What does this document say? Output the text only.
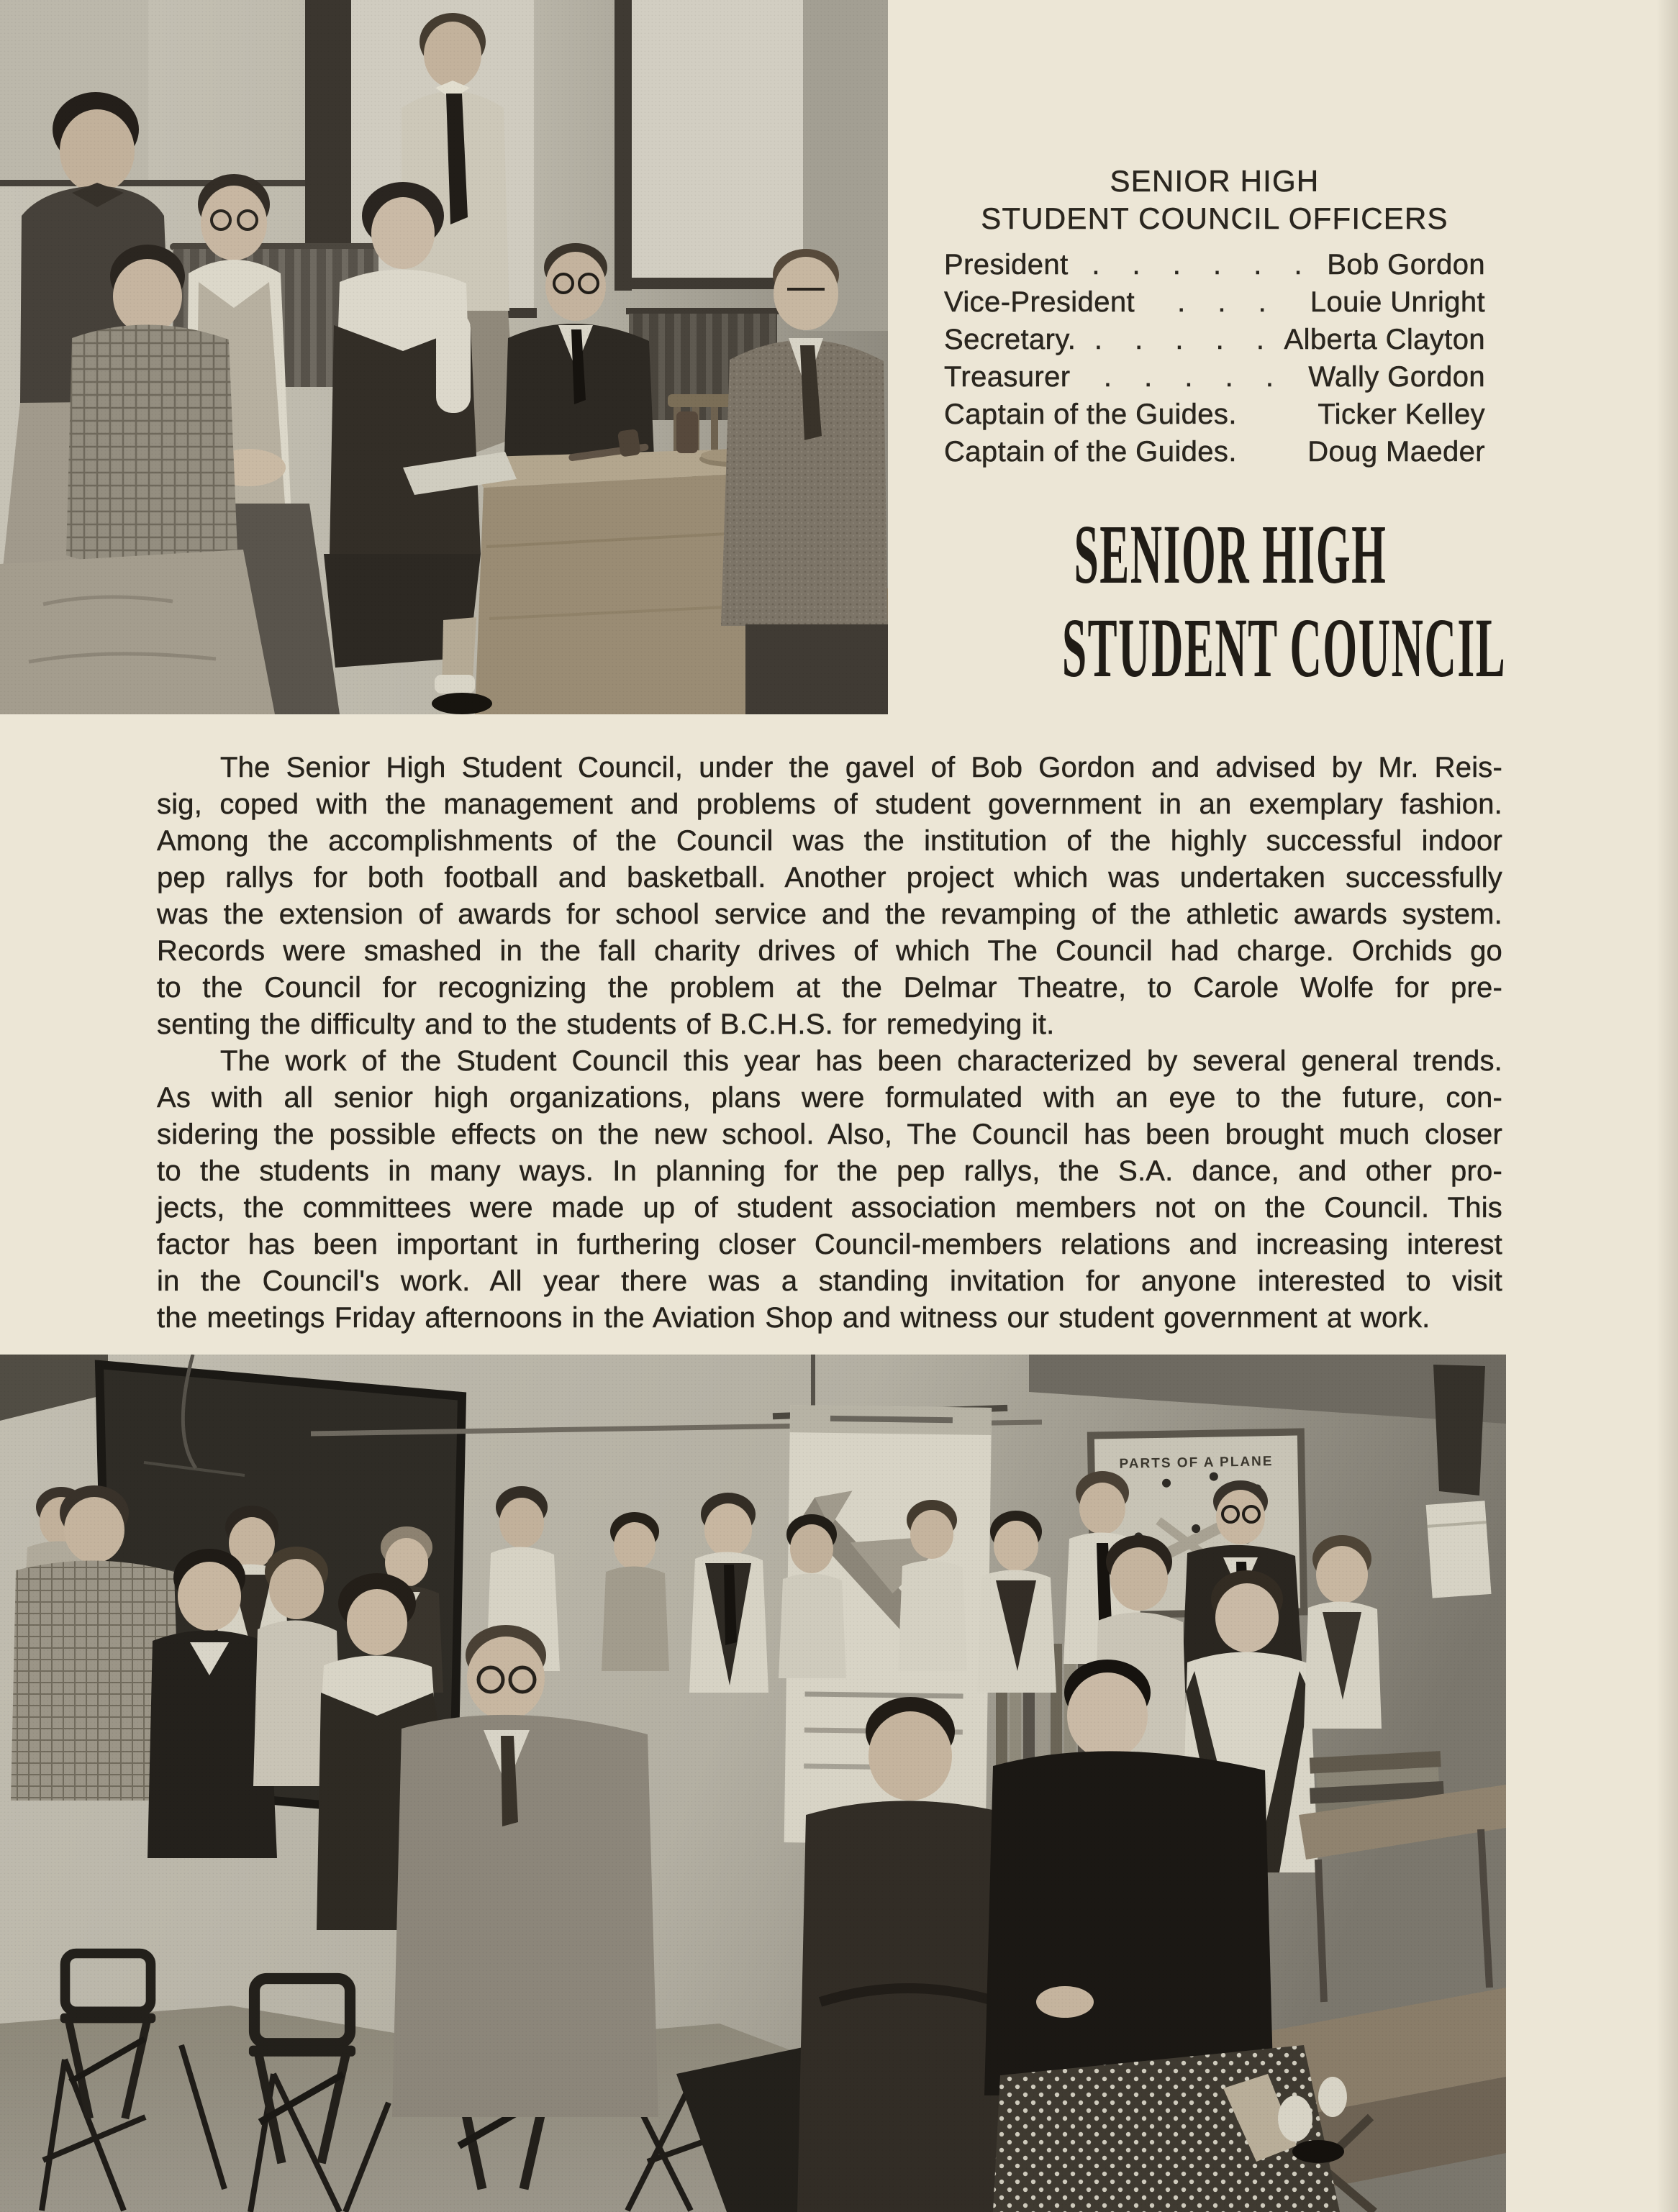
SENIOR HIGH
STUDENT COUNCIL OFFICERS
President . . . . . . Bob Gordon
Vice-President	. . .	Louie Unright
Secretary. . . . . . Alberta Clayton
Treasurer	. . . . .	Wally Gordon
Captain of the Guides.	Ticker Kelley
Captain of the Guides. Doug Maeder
SENIOR HIGH
STUDENT COUNCIL
The Senior High Student Council, under the gavel of Bob Gordon and advised by Mr. Reis-
sig, coped with the management and problems of student government in an exemplary fashion.
Among the accomplishments of the Council was the institution of the highly successful indoor
pep rallys for both football and basketball. Another project which was undertaken successfully
was the extension of awards for school service and the revamping of the athletic awards system.
Records were smashed in the fall charity drives of which The Council had charge. Orchids go
to the Council for recognizing the problem at the Delmar Theatre, to Carole Wolfe for pre-
senting the difficulty and to the students of B.C.H.S. for remedying it.
The work of the Student Council this year has been characterized by several general trends.
As with all senior high organizations, plans were formulated with an eye to the future, con-
sidering the possible effects on the new school. Also, The Council has been brought much closer
to the students in many ways. In planning for the pep rallys, the S.A. dance, and other pro-
jects, the committees were made up of student association members not on the Council. This
factor has been important in furthering closer Council-members relations and increasing interest
in the Council's work. All year there was a standing invitation for anyone interested to visit
the meetings Friday afternoons in the Aviation Shop and witness our student government at work.
PARTS OF A PLANE
